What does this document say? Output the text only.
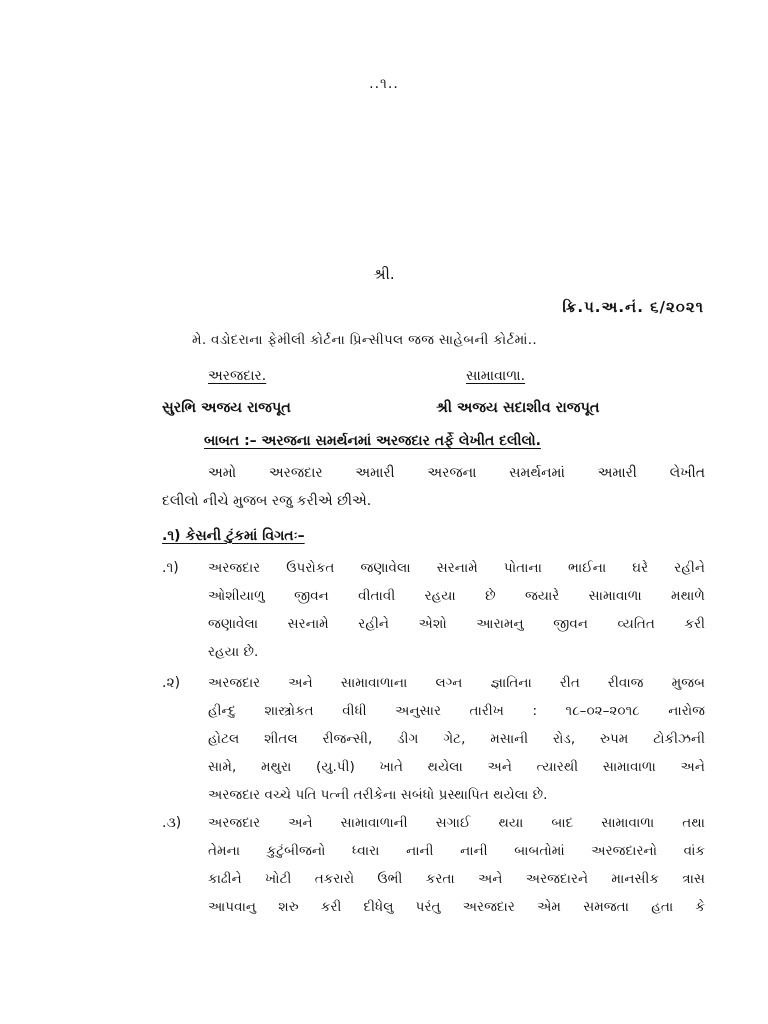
..૧..
શ્રી.
ક્રિ.પ.અ.નં. ૬/૨૦૨૧
મે. વડોદરાના ફેમીલી કોર્ટના પ્રિન્સીપલ જજ સાહેબની કોર્ટમાં..
અરજદાર.	સામાવાળા.
સુરભિ અજય રાજપૂત	શ્રી અજય સદાશીવ રાજપૂત
બાબત :– અરજના સમર્થનમાં અરજદાર તર્ફે લેખીત દલીલો.
અમો અરજદાર અમારી અરજના સમર્થનમાં અમારી લેખીત
દલીલો નીચે મુજબ રજુ કરીએ છીએ.
.૧) કેસની ટુંકમાં વિગતઃ–
.૧) અરજદાર ઉપરોકત જણાવેલા સરનામે પોતાના ભાઈના ઘરે રહીને
ઓશીયાળુ જીવન વીતાવી રહયા છે જયારે સામાવાળા મથાળે
જણાવેલા સરનામે રહીને એશો આરામનુ જીવન વ્યતિત કરી
રહયા છે.
.૨) અરજદાર અને સામાવાળાના લગ્ન જ્ઞાતિના રીત રીવાજ મુજબ
હીન્દુ શાસ્ત્રોકત વીધી અનુસાર તારીખ : ૧૮–૦૨–૨૦૧૮ નારોજ
હોટલ શીતલ રીજન્સી, ડીગ ગેટ, મસાની રોડ, રુપમ ટોકીઝની
સામે, મથુરા (યુ.પી) ખાતે થયેલા અને ત્યારથી સામાવાળા અને
અરજદાર વચ્ચે પતિ પત્ની તરીકેના સબંધો પ્રસ્થાપિત થયેલા છે.
.૩) અરજદાર અને સામાવાળાની સગાઈ થયા બાદ સામાવાળા તથા
તેમના કુટુંબીજનો ધ્વારા નાની નાની બાબતોમાં અરજદારનો વાંક
કાઢીને ખોટી તકરારો ઉભી કરતા અને અરજદારને માનસીક ત્રાસ
આપવાનુ શરુ કરી દીધેલુ પરંતુ અરજદાર એમ સમજતા હતા કે
